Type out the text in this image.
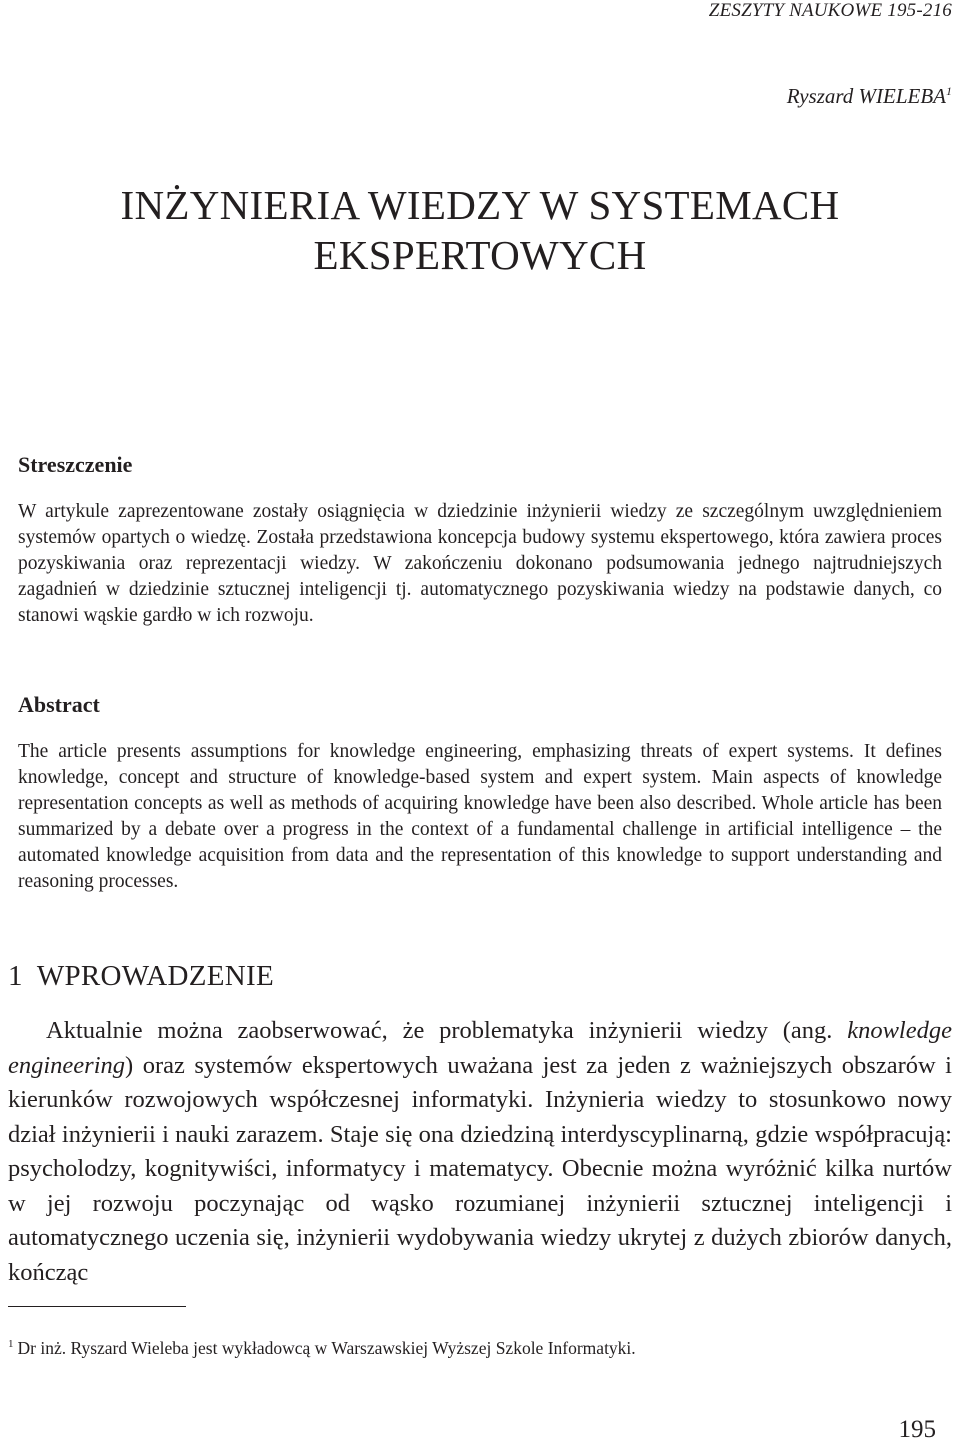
ZESZYTY NAUKOWE 195-216
Ryszard WIELEBA$^1$
INŻYNIERIA WIEDZY W SYSTEMACH
EKSPERTOWYCH
Streszczenie

W artykule zaprezentowane zostały osiągnięcia w dziedzinie inżynierii wiedzy ze szczególnym uwzględnieniem systemów opartych o wiedzę. Została przedstawiona koncepcja budowy systemu ekspertowego, która zawiera proces pozyskiwania oraz reprezentacji wiedzy. W zakończeniu dokonano podsumowania jednego najtrudniejszych zagadnień w dziedzinie sztucznej inteligencji tj. automatycznego pozyskiwania wiedzy na podstawie danych, co stanowi wąskie gardło w ich rozwoju.

Abstract

The article presents assumptions for knowledge engineering, emphasizing threats of expert systems. It defines knowledge, concept and structure of knowledge-based system and expert system. Main aspects of knowledge representation concepts as well as methods of acquiring knowledge have been also described. Whole article has been summarized by a debate over a progress in the context of a fundamental challenge in artificial intelligence – the automated knowledge acquisition from data and the representation of this knowledge to support understanding and reasoning processes.

1 WPROWADZENIE

Aktualnie można zaobserwować, że problematyka inżynierii wiedzy (ang. knowledge engineering) oraz systemów ekspertowych uważana jest za jeden z ważniejszych obszarów i kierunków rozwojowych współczesnej informatyki. Inżynieria wiedzy to stosunkowo nowy dział inżynierii i nauki zarazem. Staje się ona dziedziną interdyscyplinarną, gdzie współpracują: psycholodzy, kognitywiści, informatycy i matematycy. Obecnie można wyróżnić kilka nurtów w jej rozwoju poczynając od wąsko rozumianej inżynierii sztucznej inteligencji i automatycznego uczenia się, inżynierii wydobywania wiedzy ukrytej z dużych zbiorów danych, kończąc

$^1$ Dr inż. Ryszard Wieleba jest wykładowcą w Warszawskiej Wyższej Szkole Informatyki.
195
